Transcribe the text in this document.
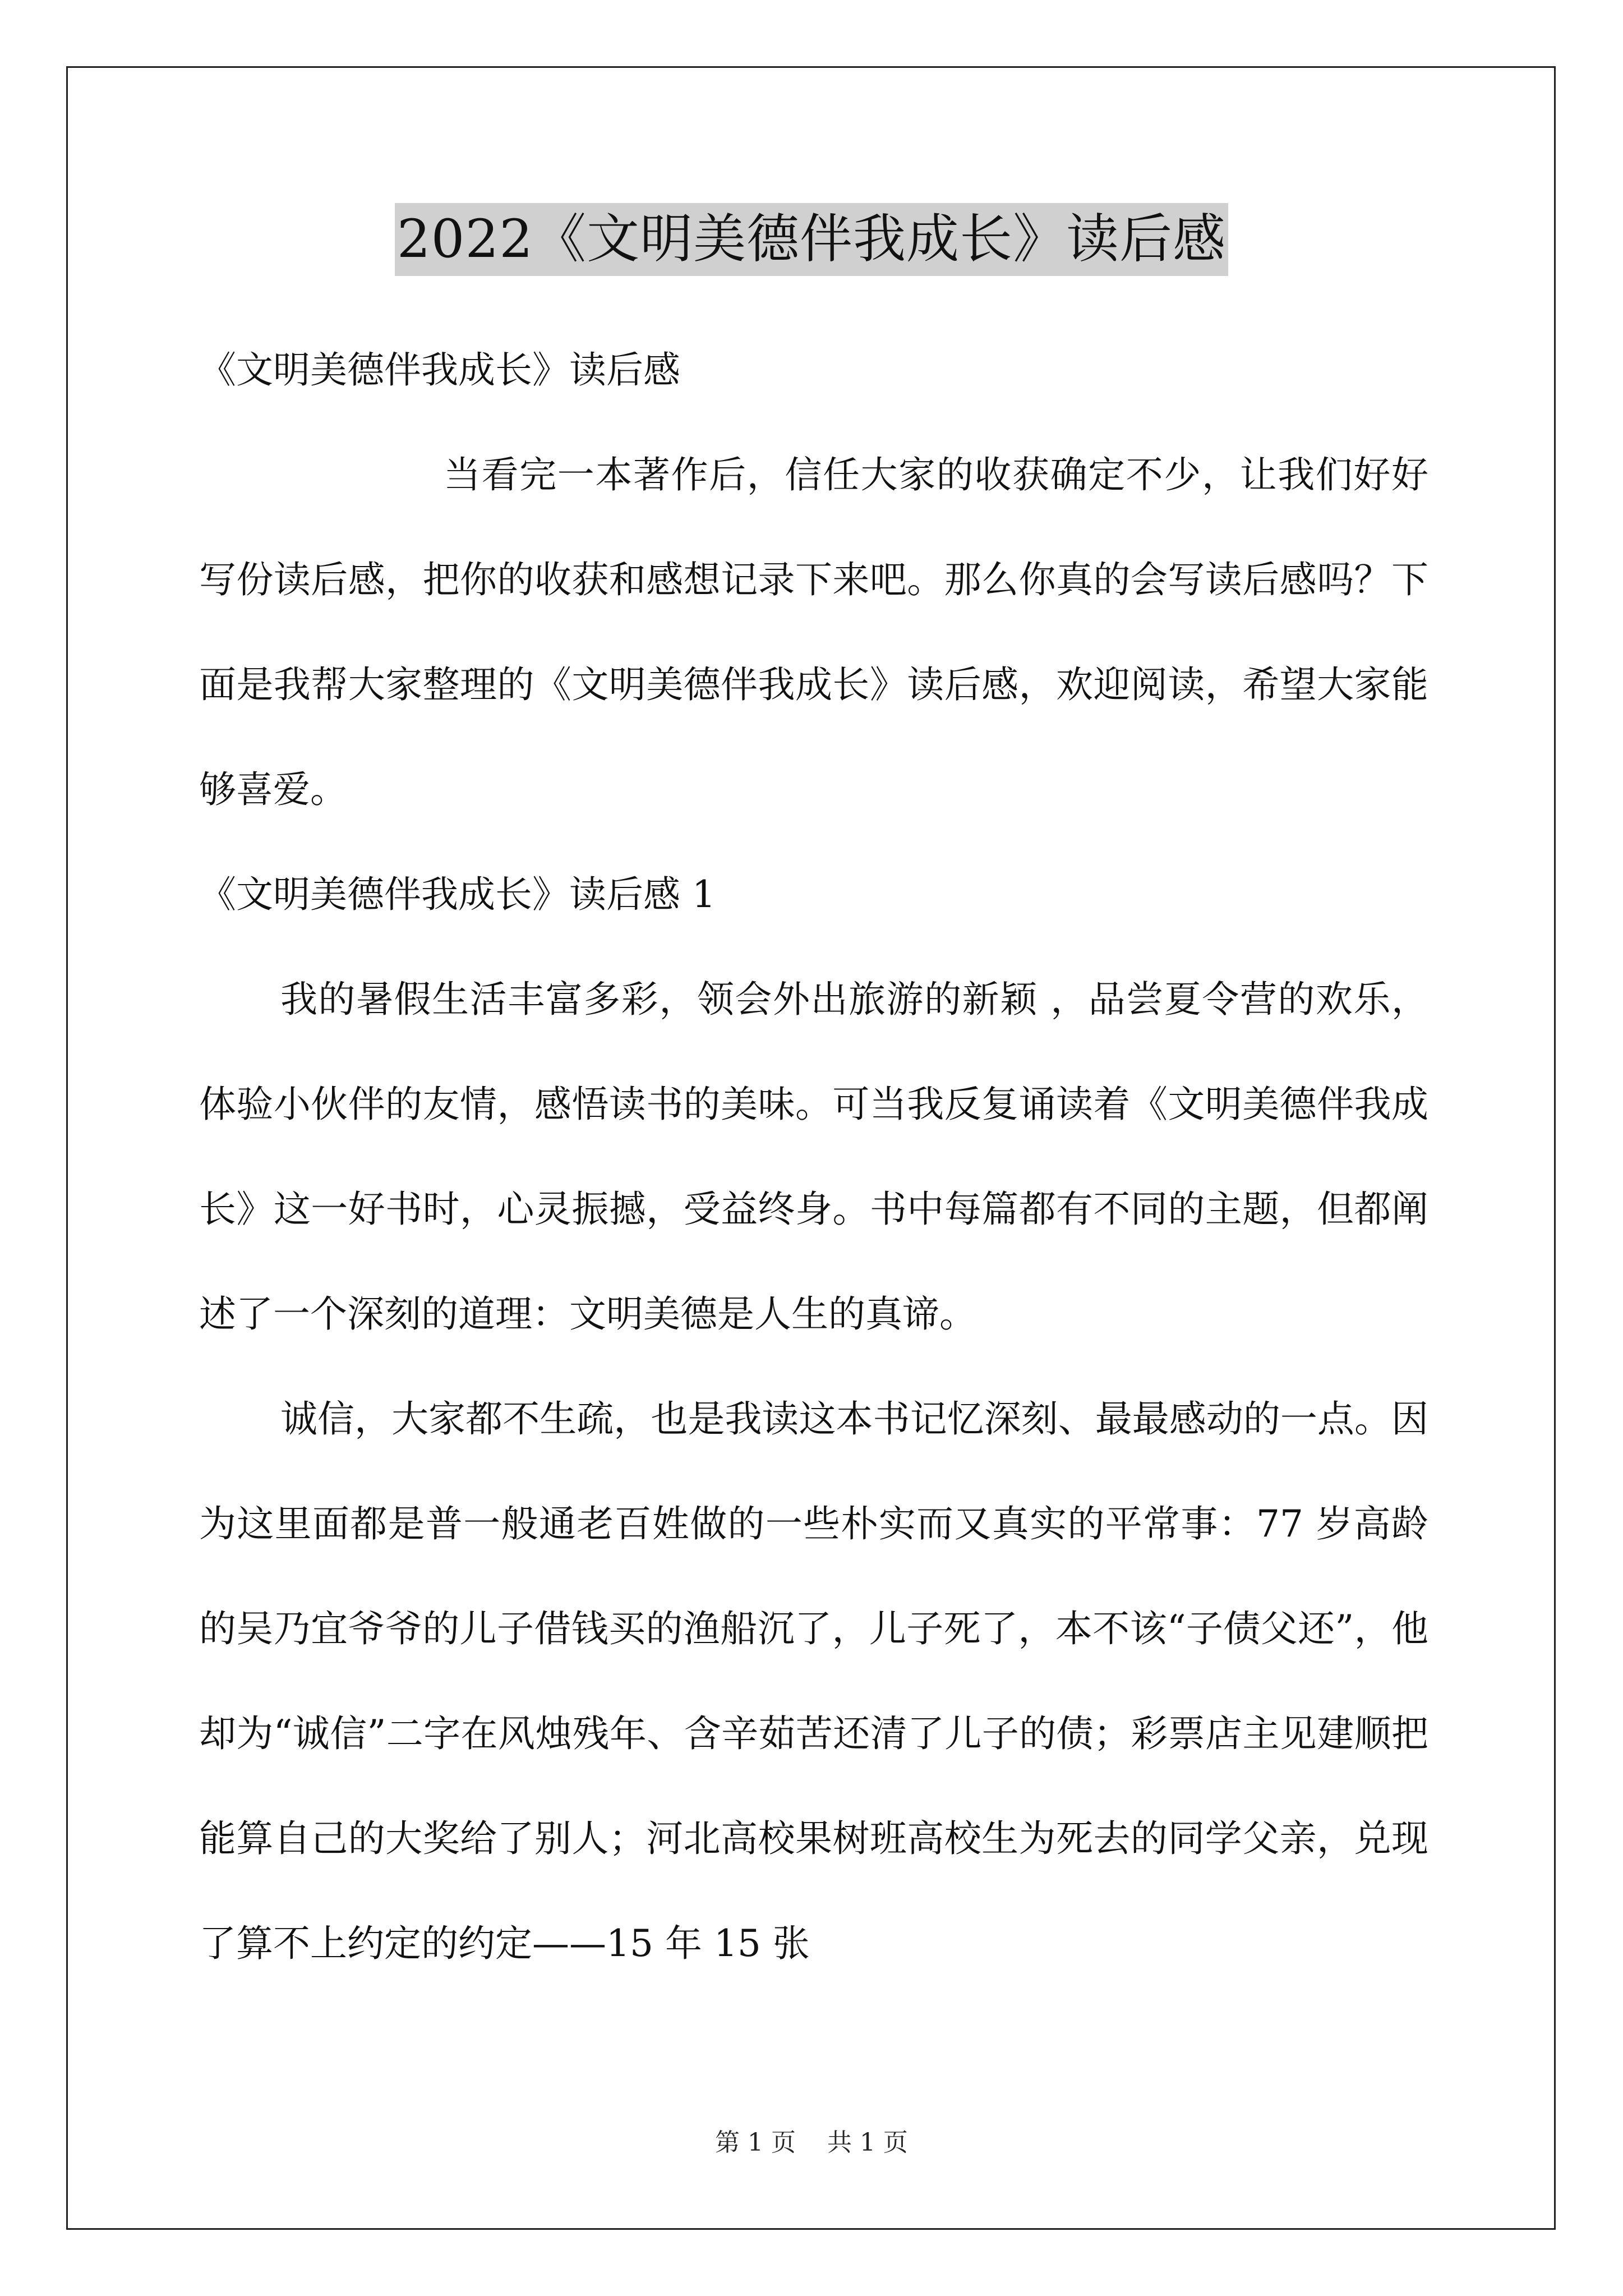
2022《文明美德伴我成长》读后感

《文明美德伴我成长》读后感

当看完一本著作后，信任大家的收获确定不少，让我们好好写份读后感，把你的收获和感想记录下来吧。那么你真的会写读后感吗？下面是我帮大家整理的《文明美德伴我成长》读后感，欢迎阅读，希望大家能够喜爱。

《文明美德伴我成长》读后感 1

我的暑假生活丰富多彩，领会外出旅游的新颖 ，品尝夏令营的欢乐，体验小伙伴的友情，感悟读书的美味。可当我反复诵读着《文明美德伴我成长》这一好书时，心灵振撼，受益终身。书中每篇都有不同的主题，但都阐述了一个深刻的道理：文明美德是人生的真谛。

诚信，大家都不生疏，也是我读这本书记忆深刻、最最感动的一点。因为这里面都是普一般通老百姓做的一些朴实而又真实的平常事：77 岁高龄的吴乃宜爷爷的儿子借钱买的渔船沉了，儿子死了，本不该“子债父还”，他却为“诚信”二字在风烛残年、含辛茹苦还清了儿子的债；彩票店主见建顺把能算自己的大奖给了别人；河北高校果树班高校生为死去的同学父亲，兑现了算不上约定的约定——15 年 15 张

第 1 页    共 1 页
